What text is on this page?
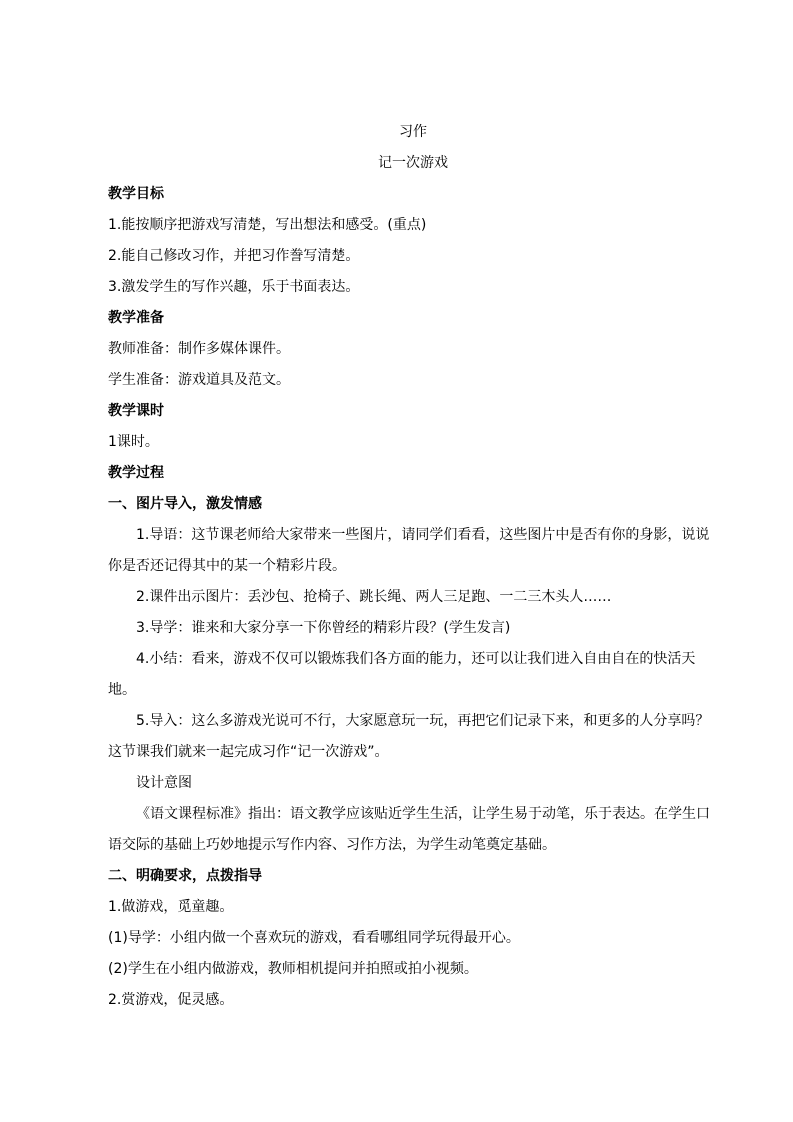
习作

记一次游戏

教学目标

1.能按顺序把游戏写清楚，写出想法和感受。(重点)

2.能自己修改习作，并把习作誊写清楚。

3.激发学生的写作兴趣，乐于书面表达。

教学准备

教师准备：制作多媒体课件。

学生准备：游戏道具及范文。

教学课时

1课时。

教学过程

一、图片导入，激发情感

1.导语：这节课老师给大家带来一些图片，请同学们看看，这些图片中是否有你的身影，说说你是否还记得其中的某一个精彩片段。

2.课件出示图片：丢沙包、抢椅子、跳长绳、两人三足跑、一二三木头人……

3.导学：谁来和大家分享一下你曾经的精彩片段？(学生发言)

4.小结：看来，游戏不仅可以锻炼我们各方面的能力，还可以让我们进入自由自在的快活天地。

5.导入：这么多游戏光说可不行，大家愿意玩一玩，再把它们记录下来，和更多的人分享吗？这节课我们就来一起完成习作“记一次游戏”。

设计意图

《语文课程标准》指出：语文教学应该贴近学生生活，让学生易于动笔，乐于表达。在学生口语交际的基础上巧妙地提示写作内容、习作方法，为学生动笔奠定基础。

二、明确要求，点拨指导

1.做游戏，觅童趣。

(1)导学：小组内做一个喜欢玩的游戏，看看哪组同学玩得最开心。

(2)学生在小组内做游戏，教师相机提问并拍照或拍小视频。

2.赏游戏，促灵感。
